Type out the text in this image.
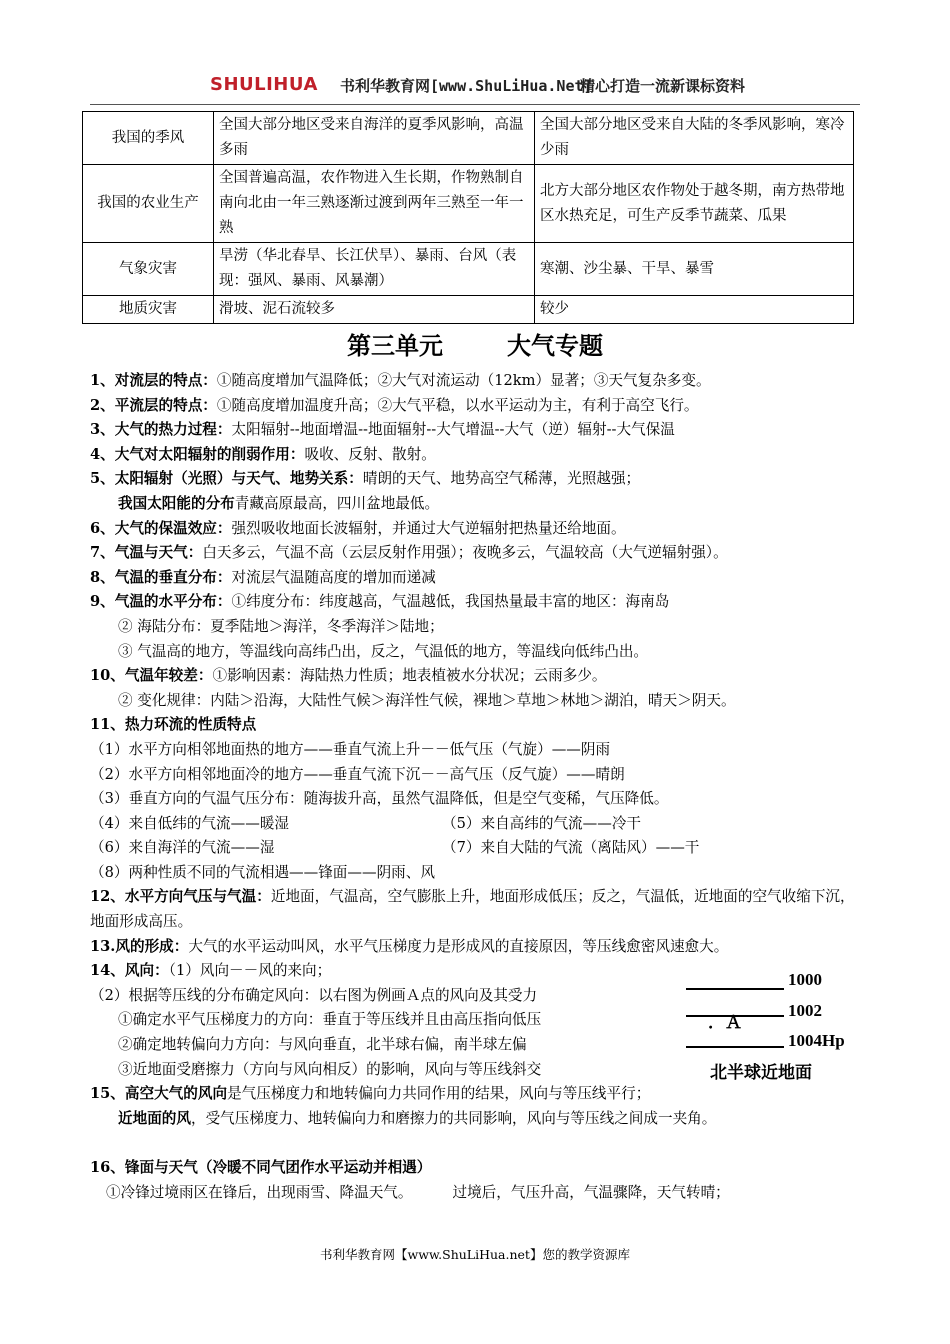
SHULIHUA 书利华教育网[www.ShuLiHua.Net]
精心打造一流新课标资料
我国的季风	全国大部分地区受来自海洋的夏季风影响，高温多雨	全国大部分地区受来自大陆的冬季风影响，寒冷少雨
我国的农业生产	全国普遍高温，农作物进入生长期，作物熟制自南向北由一年三熟逐渐过渡到两年三熟至一年一熟	北方大部分地区农作物处于越冬期，南方热带地区水热充足，可生产反季节蔬菜、瓜果
气象灾害	旱涝（华北春旱、长江伏旱）、暴雨、台风（表现：强风、暴雨、风暴潮）	寒潮、沙尘暴、干旱、暴雪
地质灾害	滑坡、泥石流较多	较少
第三单元	大气专题
1、对流层的特点：①随高度增加气温降低；②大气对流运动（12km）显著；③天气复杂多变。
2、平流层的特点：①随高度增加温度升高；②大气平稳，以水平运动为主，有利于高空飞行。
3、大气的热力过程：太阳辐射--地面增温--地面辐射--大气增温--大气（逆）辐射--大气保温
4、大气对太阳辐射的削弱作用：吸收、反射、散射。
5、太阳辐射（光照）与天气、地势关系：晴朗的天气、地势高空气稀薄，光照越强；
我国太阳能的分布青藏高原最高，四川盆地最低。
6、大气的保温效应：强烈吸收地面长波辐射，并通过大气逆辐射把热量还给地面。
7、气温与天气：白天多云，气温不高（云层反射作用强）；夜晚多云，气温较高（大气逆辐射强）。
8、气温的垂直分布：对流层气温随高度的增加而递减
9、气温的水平分布：①纬度分布：纬度越高，气温越低，我国热量最丰富的地区：海南岛
② 海陆分布：夏季陆地＞海洋，冬季海洋＞陆地；
③ 气温高的地方，等温线向高纬凸出，反之，气温低的地方，等温线向低纬凸出。
10、气温年较差：①影响因素：海陆热力性质；地表植被水分状况；云雨多少。
② 变化规律：内陆＞沿海，大陆性气候＞海洋性气候，裸地＞草地＞林地＞湖泊，晴天＞阴天。
11、热力环流的性质特点
（1）水平方向相邻地面热的地方——垂直气流上升－－低气压（气旋）——阴雨
（2）水平方向相邻地面冷的地方——垂直气流下沉－－高气压（反气旋）——晴朗
（3）垂直方向的气温气压分布：随海拔升高，虽然气温降低，但是空气变稀，气压降低。
（4）来自低纬的气流——暖湿	（5）来自高纬的气流——冷干
（6）来自海洋的气流——湿	（7）来自大陆的气流（离陆风）——干
（8）两种性质不同的气流相遇——锋面——阴雨、风
12、水平方向气压与气温：近地面，气温高，空气膨胀上升，地面形成低压；反之，气温低，近地面的空气收缩下沉，地面形成高压。
13.风的形成：大气的水平运动叫风，水平气压梯度力是形成风的直接原因，等压线愈密风速愈大。
14、风向：（1）风向－－风的来向；
（2）根据等压线的分布确定风向：以右图为例画Ａ点的风向及其受力
①确定水平气压梯度力的方向：垂直于等压线并且由高压指向低压
②确定地转偏向力方向：与风向垂直，北半球右偏，南半球左偏
③近地面受磨擦力（方向与风向相反）的影响，风向与等压线斜交
15、高空大气的风向是气压梯度力和地转偏向力共同作用的结果，风向与等压线平行；
近地面的风，受气压梯度力、地转偏向力和磨擦力的共同影响，风向与等压线之间成一夹角。
16、锋面与天气（冷暖不同气团作水平运动并相遇）
①冷锋过境雨区在锋后，出现雨雪、降温天气。	过境后，气压升高，气温骤降，天气转晴；
1000
1002
．Ａ
1004Hp
北半球近地面
书利华教育网【www.ShuLiHua.net】您的教学资源库
